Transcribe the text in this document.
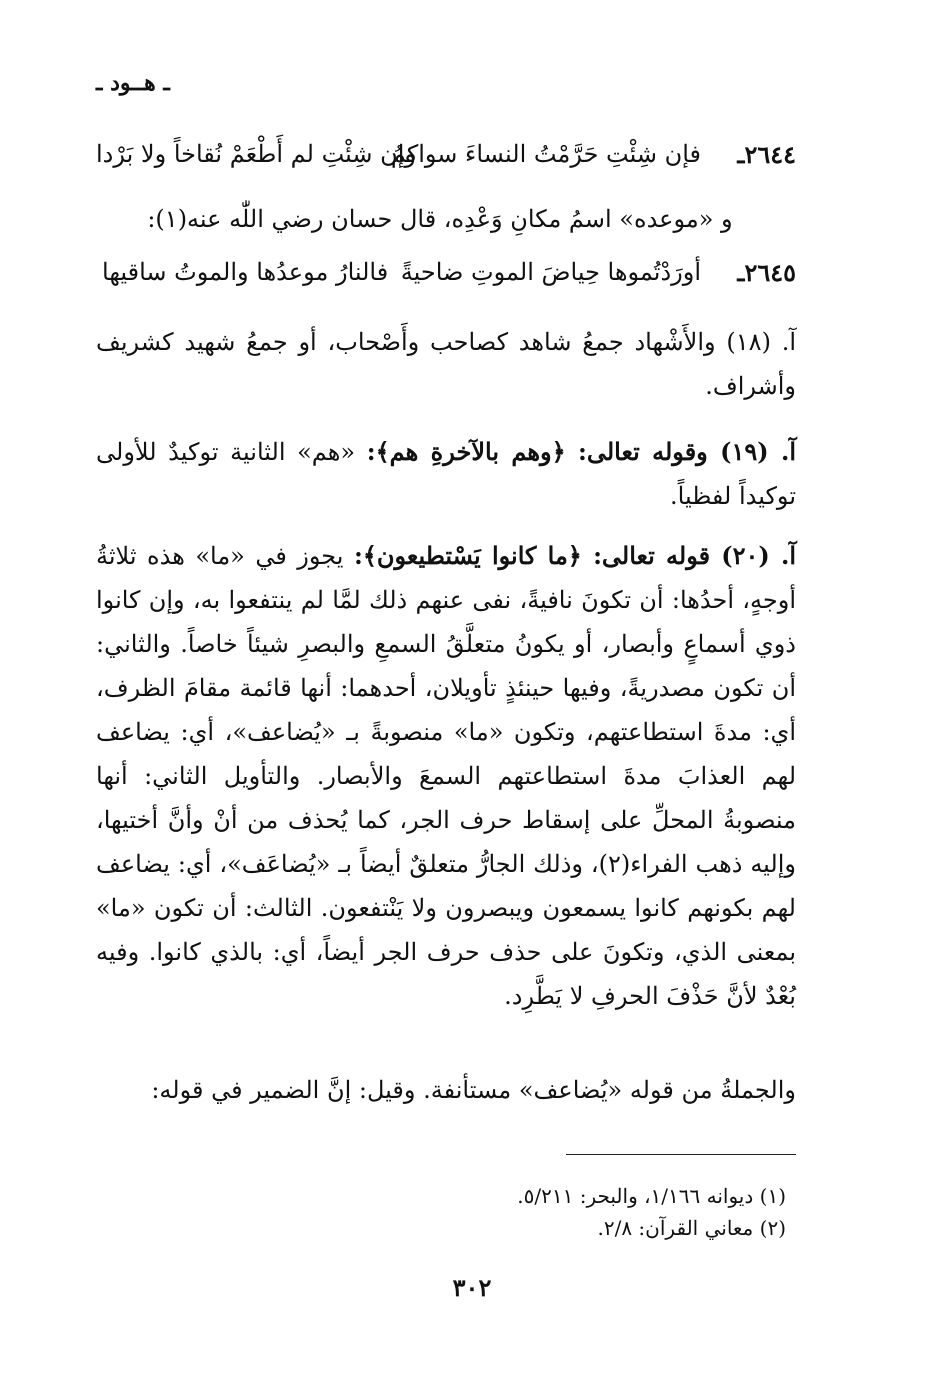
ـ هــود ـ
٢٦٤٤ـ
فإن شِئْتِ حَرَّمْتُ النساءَ سواكمُ
وإن شِئْتِ لم أَطْعَمْ نُقاخاً ولا بَرْدا
و «موعده» اسمُ مكانِ وَعْدِه، قال حسان رضي اللّٰه عنه(١):
٢٦٤٥ـ
أورَدْتُموها حِياضَ الموتِ ضاحيةً
فالنارُ موعدُها والموتُ ساقيها
آ. (١٨) والأَشْهاد جمعُ شاهد كصاحب وأَصْحاب، أو جمعُ شهيد كشريف وأشراف.
آ. (١٩) وقوله تعالى: ﴿وهم بالآخرةِ هم﴾: «هم» الثانية توكيدٌ للأولى توكيداً لفظياً.
آ. (٢٠) قوله تعالى: ﴿ما كانوا يَسْتطيعون﴾: يجوز في «ما» هذه ثلاثةُ أوجهٍ، أحدُها: أن تكونَ نافيةً، نفى عنهم ذلك لمَّا لم ينتفعوا به، وإن كانوا ذوي أسماعٍ وأبصار، أو يكونُ متعلَّقُ السمعِ والبصرِ شيئاً خاصاً. والثاني: أن تكون مصدريةً، وفيها حينئذٍ تأويلان، أحدهما: أنها قائمة مقامَ الظرف، أي: مدةَ استطاعتهم، وتكون «ما» منصوبةً بـ «يُضاعف»، أي: يضاعف لهم العذابَ مدةَ استطاعتهم السمعَ والأبصار. والتأويل الثاني: أنها منصوبةُ المحلِّ على إسقاط حرف الجر، كما يُحذف من أنْ وأنَّ أختيها، وإليه ذهب الفراء(٢)، وذلك الجارُّ متعلقٌ أيضاً بـ «يُضاعَف»، أي: يضاعف لهم بكونهم كانوا يسمعون ويبصرون ولا يَنْتفعون. الثالث: أن تكون «ما» بمعنى الذي، وتكونَ على حذف حرف الجر أيضاً، أي: بالذي كانوا. وفيه بُعْدٌ لأنَّ حَذْفَ الحرفِ لا يَطَّرِد.
والجملةُ من قوله «يُضاعف» مستأنفة. وقيل: إنَّ الضمير في قوله:
(١) ديوانه ١/١٦٦، والبحر: ٥/٢١١.
(٢) معاني القرآن: ٢/٨.
٣٠٢
